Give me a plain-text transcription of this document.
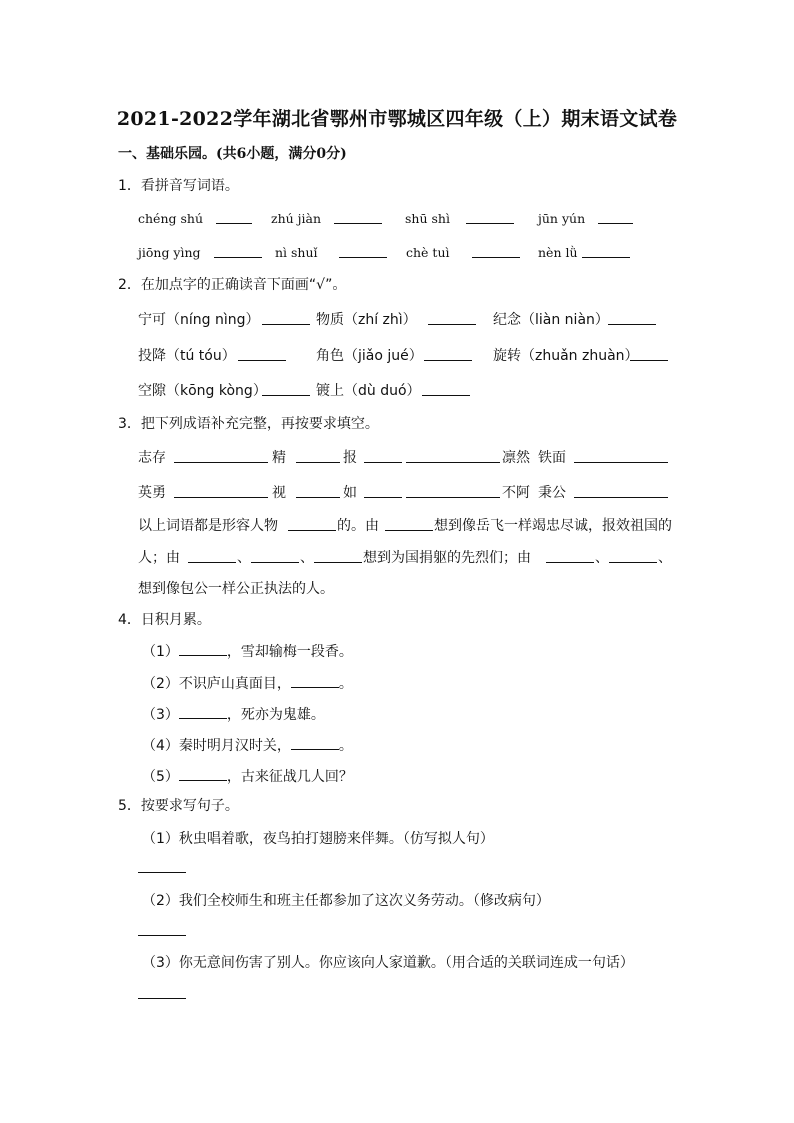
2021-2022学年湖北省鄂州市鄂城区四年级（上）期末语文试卷
一、基础乐园。(共6小题，满分0分)
1．看拼音写词语。
chéng shú	zhú jiàn	shū shì	jūn yún
jiōng yìng	nì shuǐ	chè tuì	nèn lǜ
2．在加点字的正确读音下面画“√”。
宁可（níng nìng）	物质（zhí zhì）	纪念（liàn niàn）
投降（tú tóu）	角色（jiǎo jué）	旋转（zhuǎn zhuàn）
空隙（kōng kòng）	镀上（dù duó）
3．把下列成语补充完整，再按要求填空。
志存	精	报	凛然 铁面
英勇	视	如	不阿 秉公
以上词语都是形容人物	的。由	想到像岳飞一样竭忠尽诚，报效祖国的
人；由	、	、	想到为国捐躯的先烈们；由	、	、
想到像包公一样公正执法的人。
4．日积月累。
（1）	，雪却输梅一段香。
（2）不识庐山真面目，	。
（3）	，死亦为鬼雄。
（4）秦时明月汉时关，	。
（5）	，古来征战几人回？
5．按要求写句子。
（1）秋虫唱着歌，夜鸟拍打翅膀来伴舞。（仿写拟人句）
（2）我们全校师生和班主任都参加了这次义务劳动。（修改病句）
（3）你无意间伤害了别人。你应该向人家道歉。（用合适的关联词连成一句话）
